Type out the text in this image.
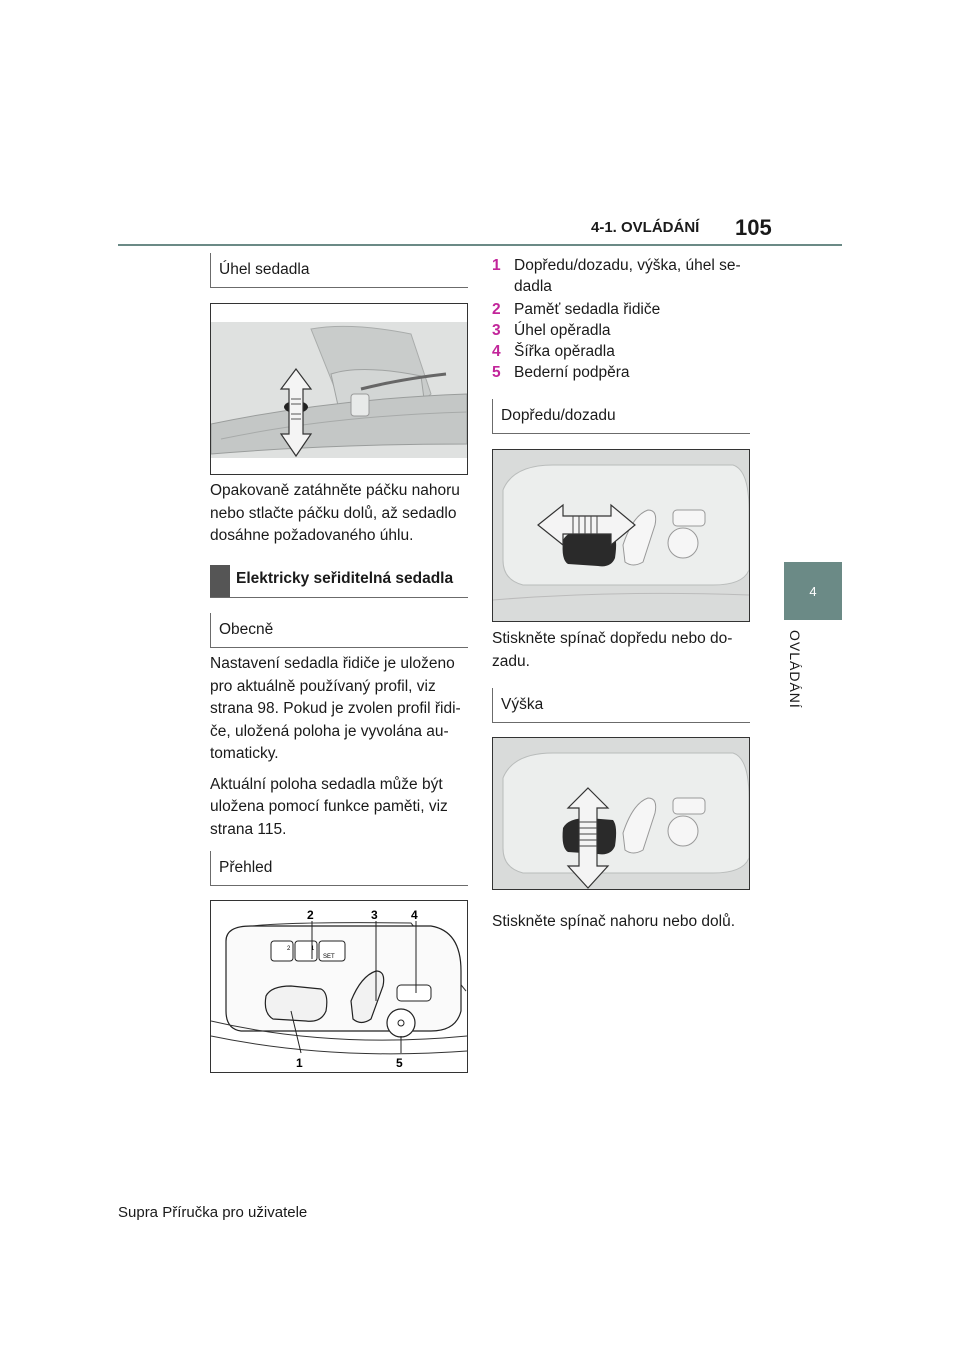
4-1. OVLÁDÁNÍ 105
4
OVLÁDÁNÍ
Úhel sedadla
Opakovaně zatáhněte páčku nahoru nebo stlačte páčku dolů, až sedadlo dosáhne požadovaného úhlu.
Elektricky seřiditelná sedadla
Obecně

Nastavení sedadla řidiče je uloženo pro aktuálně používaný profil, viz strana 98. Pokud je zvolen profil řidi-če, uložená poloha je vyvolána au-tomaticky.

Aktuální poloha sedadla může být uložena pomocí funkce paměti, viz strana 115.

Přehled
2	1
SET
2	3	4
1	5
1 Dopředu/dozadu, výška, úhel se-dadla
2 Paměť sedadla řidiče
3 Úhel opěradla
4 Šířka opěradla
5 Bederní podpěra
Dopředu/dozadu
Stiskněte spínač dopředu nebo do-zadu.
Výška
Stiskněte spínač nahoru nebo dolů.
Supra Příručka pro uživatele
